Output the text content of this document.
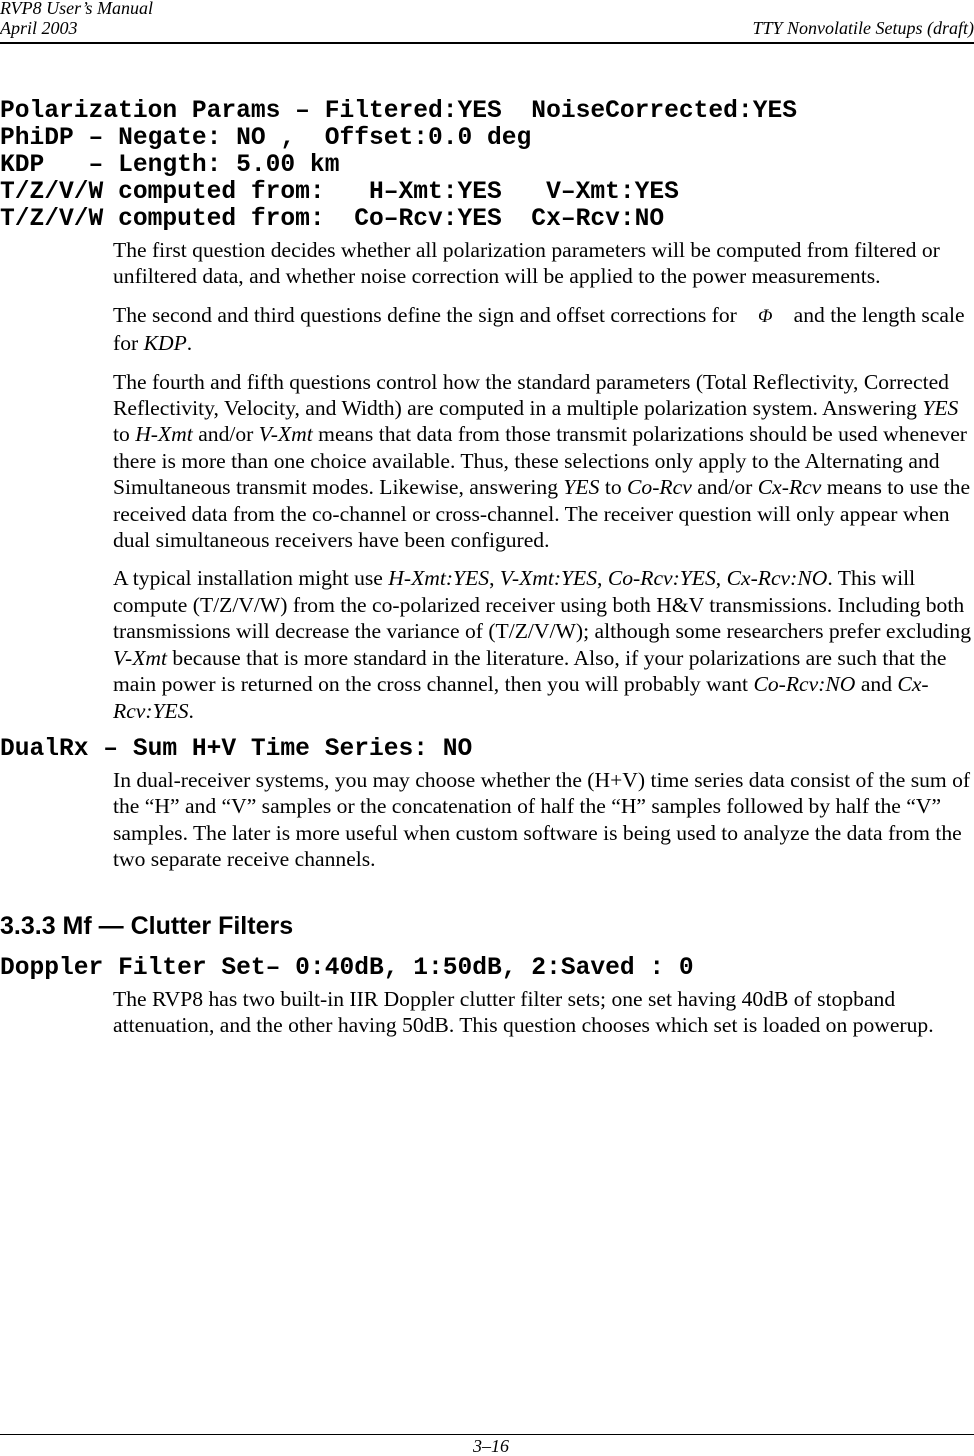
RVP8 User’s Manual
April 2003	TTY Nonvolatile Setups (draft)
Polarization Params – Filtered:YES  NoiseCorrected:YES
PhiDP – Negate: NO ,  Offset:0.0 deg
KDP   – Length: 5.00 km
T/Z/V/W computed from:   H–Xmt:YES   V–Xmt:YES
T/Z/V/W computed from:  Co–Rcv:YES  Cx–Rcv:NO

The first question decides whether all polarization parameters will be computed from filtered or unfiltered data, and whether noise correction will be applied to the power measurements.

The second and third questions define the sign and offset corrections for Φ and the length scale for KDP.

The fourth and fifth questions control how the standard parameters (Total Reflectivity, Corrected Reflectivity, Velocity, and Width) are computed in a multiple polarization system. Answering YES to H-Xmt and/or V-Xmt means that data from those transmit polarizations should be used whenever there is more than one choice available. Thus, these selections only apply to the Alternating and Simultaneous transmit modes. Likewise, answering YES to Co-Rcv and/or Cx-Rcv means to use the received data from the co-channel or cross-channel. The receiver question will only appear when dual simultaneous receivers have been configured.

A typical installation might use H-Xmt:YES, V-Xmt:YES, Co-Rcv:YES, Cx-Rcv:NO. This will compute (T/Z/V/W) from the co-polarized receiver using both H&V transmissions. Including both transmissions will decrease the variance of (T/Z/V/W); although some researchers prefer excluding V-Xmt because that is more standard in the literature. Also, if your polarizations are such that the main power is returned on the cross channel, then you will probably want Co-Rcv:NO and Cx-Rcv:YES.

DualRx – Sum H+V Time Series: NO

In dual-receiver systems, you may choose whether the (H+V) time series data consist of the sum of the “H” and “V” samples or the concatenation of half the “H” samples followed by half the “V” samples. The later is more useful when custom software is being used to analyze the data from the two separate receive channels.

3.3.3 Mf — Clutter Filters
Doppler Filter Set– 0:40dB, 1:50dB, 2:Saved : 0

The RVP8 has two built-in IIR Doppler clutter filter sets; one set having 40dB of stopband attenuation, and the other having 50dB. This question chooses which set is loaded on powerup.

3–16
